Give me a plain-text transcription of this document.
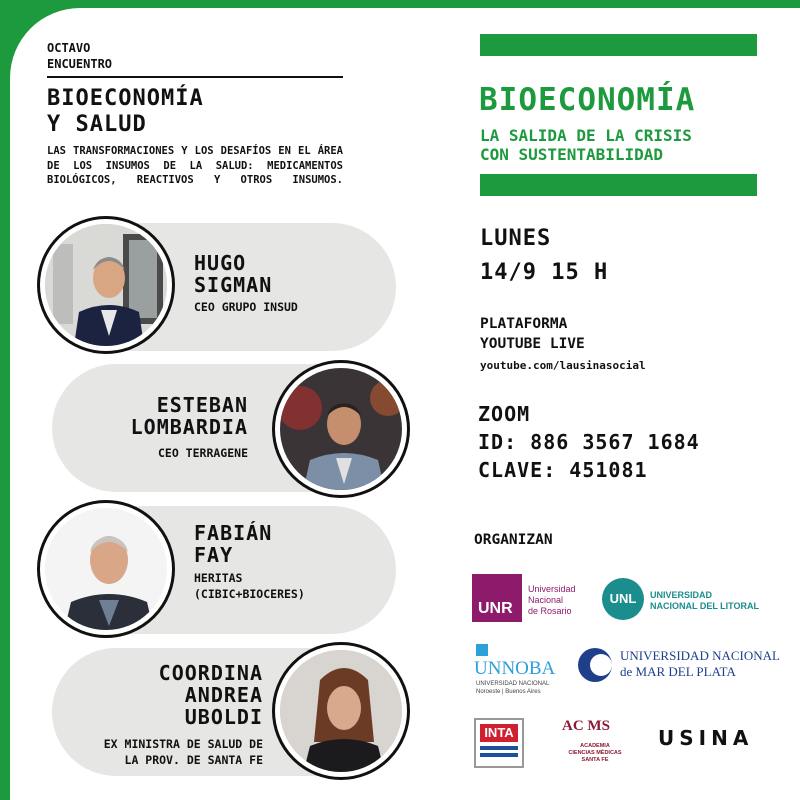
OCTAVO
ENCUENTRO
BIOECONOMÍA
Y SALUD
LAS TRANSFORMACIONES Y LOS DESAFÍOS EN EL ÁREA DE LOS INSUMOS DE LA SALUD: MEDICAMENTOS BIOLÓGICOS, REACTIVOS Y OTROS INSUMOS.
HUGO
SIGMAN
CEO GRUPO INSUD
ESTEBAN
LOMBARDIA
CEO TERRAGENE
FABIÁN
FAY
HERITAS
(CIBIC+BIOCERES)
COORDINA
ANDREA
UBOLDI
EX MINISTRA DE SALUD DE
LA PROV. DE SANTA FE
BIOECONOMÍA
LA SALIDA DE LA CRISIS
CON SUSTENTABILIDAD
LUNES
14/9 15 H
PLATAFORMA
YOUTUBE LIVE
youtube.com/lausinasocial
ZOOM
ID: 886 3567 1684
CLAVE: 451081
ORGANIZAN
UNR
Universidad
Nacional
de Rosario
UNL	UNIVERSIDAD
NACIONAL DEL LITORAL
UNNOBA
UNIVERSIDAD NACIONAL
Noroeste | Buenos Aires
UNIVERSIDAD NACIONAL
de MAR DEL PLATA
INTA	AC MS
ACADEMIA
CIENCIAS MÉDICAS
SANTA FE
USINA
